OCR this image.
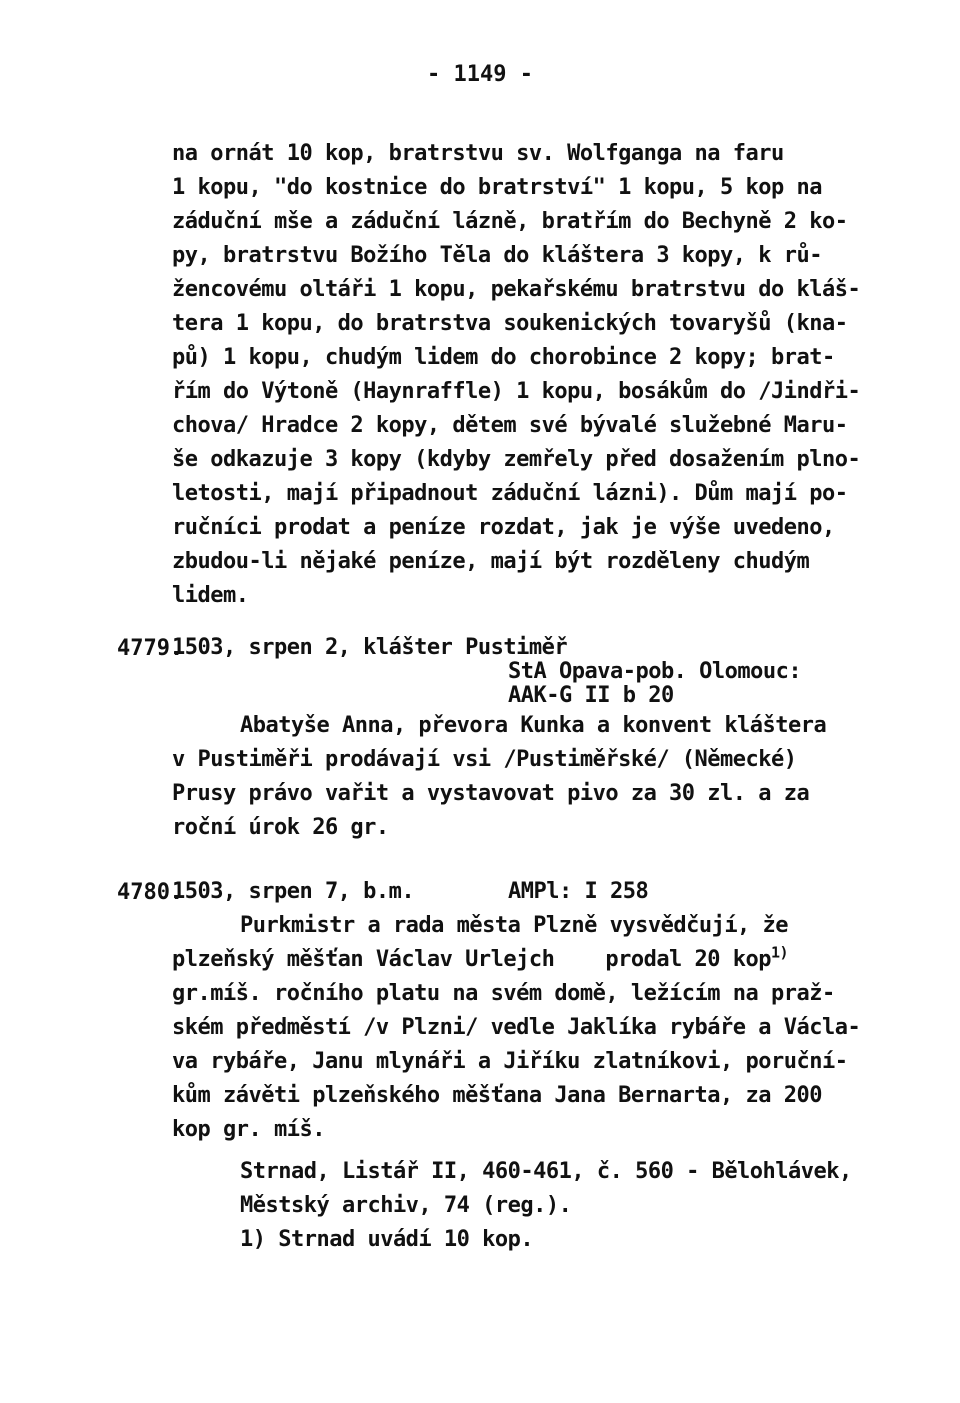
- 1149 -
na ornát 10 kop, bratrstvu sv. Wolfganga na faru
1 kopu, "do kostnice do bratrství" 1 kopu, 5 kop na
záduční mše a záduční lázně, bratřím do Bechyně 2 ko-
py, bratrstvu Božího Těla do kláštera 3 kopy, k rů-
žencovému oltáři 1 kopu, pekařskému bratrstvu do kláš-
tera 1 kopu, do bratrstva soukenických tovaryšů (kna-
pů) 1 kopu, chudým lidem do chorobince 2 kopy; brat-
řím do Výtoně (Haynraffle) 1 kopu, bosákům do /Jindři-
chova/ Hradce 2 kopy, dětem své bývalé služebné Maru-
še odkazuje 3 kopy (kdyby zemřely před dosažením plno-
letosti, mají připadnout záduční lázni). Dům mají po-
ručníci prodat a peníze rozdat, jak je výše uvedeno,
zbudou-li nějaké peníze, mají být rozděleny chudým
lidem.
4779.
1503, srpen 2, klášter Pustiměř
StA Opava-pob. Olomouc:
AAK-G II b 20
Abatyše Anna, převora Kunka a konvent kláštera
v Pustiměři prodávají vsi /Pustiměřské/ (Německé)
Prusy právo vařit a vystavovat pivo za 30 zl. a za
roční úrok 26 gr.
4780.
1503, srpen 7, b.m.	AMPl: I 258
Purkmistr a rada města Plzně vysvědčují, že
plzeňský měšťan Václav Urlejch    prodal 20 kop$^{1)}$
gr.míš. ročního platu na svém domě, ležícím na praž-
ském předměstí /v Plzni/ vedle Jaklíka rybáře a Václa-
va rybáře, Janu mlynáři a Jiříku zlatníkovi, poruční-
kům závěti plzeňského měšťana Jana Bernarta, za 200
kop gr. míš.
Strnad, Listář II, 460-461, č. 560 - Bělohlávek,
Městský archiv, 74 (reg.).
1) Strnad uvádí 10 kop.
